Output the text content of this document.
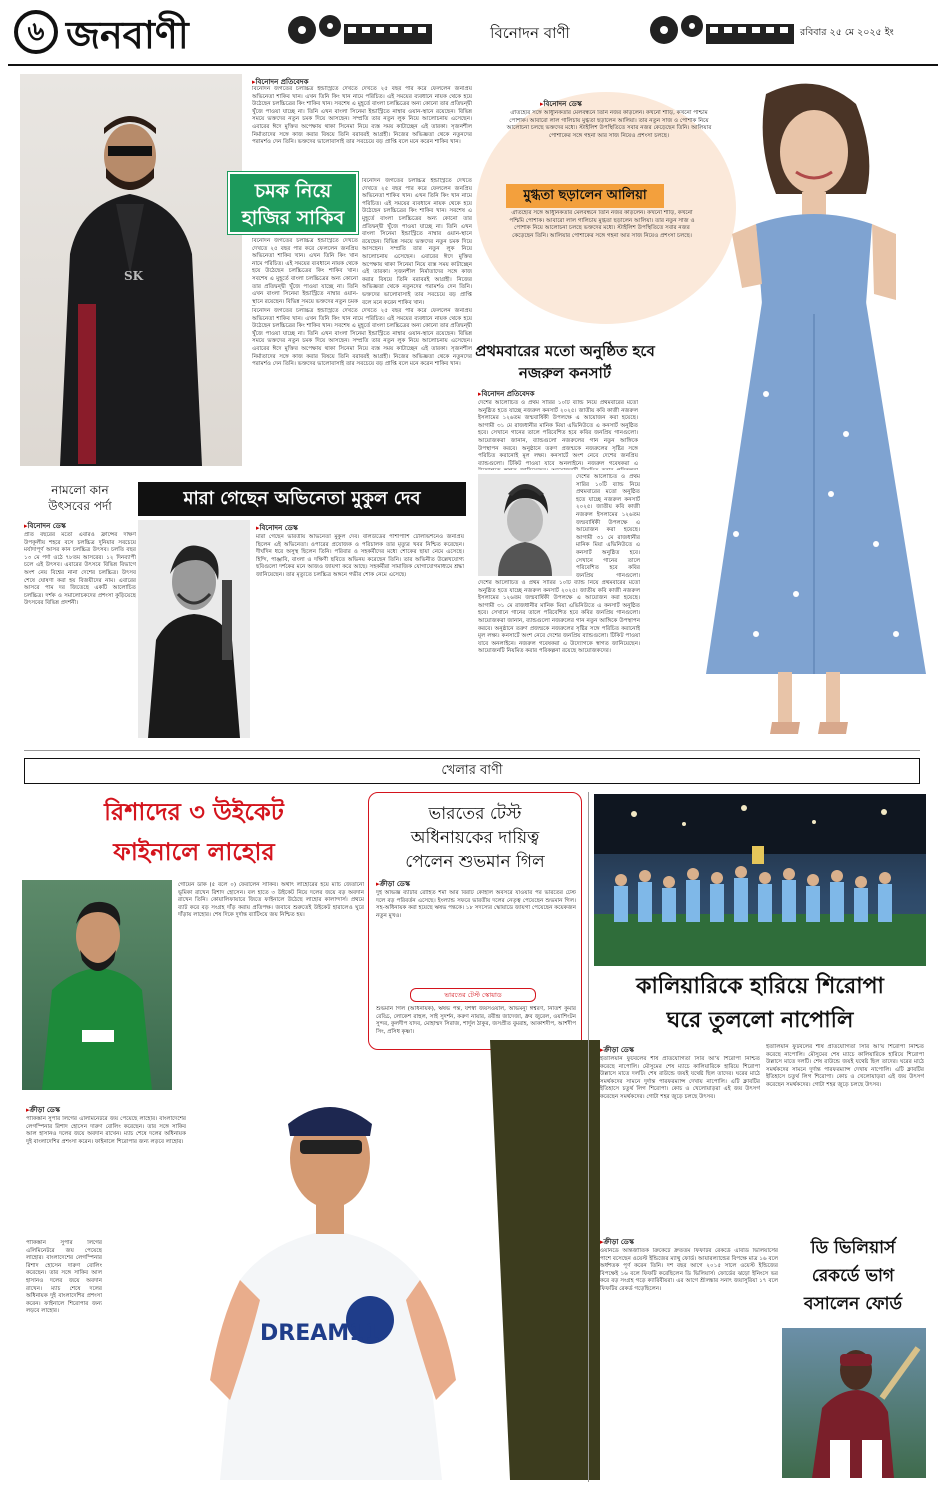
৬ জনবাণী	বিনোদন বাণী	রবিবার ২৫ মে ২০২৫ ইং
SK
▸ বিনোদন প্রতিবেদক
বিনোদন জগতের চলচ্চিত্র ইন্ডাস্ট্রিতে দেখতে দেখতে ২৫ বছর পার করে ফেললেন জনপ্রিয় অভিনেতা শাকিব খান। এখন তিনি কিং খান নামে পরিচিত। এই সময়ের ব্যবধানে নায়ক থেকে হয়ে উঠেছেন চলচ্চিত্রের কিং শাকিব খান। সবশেষ এ মুহূর্তে বাংলা চলচ্চিত্রের অন্য কোনো তার প্রতিদ্বন্দ্বী খুঁজে পাওয়া যাচ্ছে না। তিনি এখন বাংলা সিনেমা ইন্ডাস্ট্রিতে নাম্বার ওয়ান-স্থানে রয়েছেন। বিভিন্ন সময়ে ভক্তদের নতুন চমক দিয়ে আসছেন। সম্প্রতি তার নতুন লুক নিয়ে আলোচনায় এসেছেন। এবারের ঈদে মুক্তির অপেক্ষায় থাকা সিনেমা নিয়ে ব্যস্ত সময় কাটাচ্ছেন এই তারকা। সৃজনশীল নির্মাতাদের সঙ্গে কাজ করার বিষয়ে তিনি বরাবরই আগ্রহী। নিজের অভিজ্ঞতা থেকে নতুনদের পরামর্শও দেন তিনি। ভক্তদের ভালোবাসাই তার সবচেয়ে বড় প্রাপ্তি বলে মনে করেন শাকিব খান।
চমক নিয়ে
হাজির সাকিব
বিনোদন জগতের চলচ্চিত্র ইন্ডাস্ট্রিতে দেখতে দেখতে ২৫ বছর পার করে ফেললেন জনপ্রিয় অভিনেতা শাকিব খান। এখন তিনি কিং খান নামে পরিচিত। এই সময়ের ব্যবধানে নায়ক থেকে হয়ে উঠেছেন চলচ্চিত্রের কিং শাকিব খান। সবশেষ এ মুহূর্তে বাংলা চলচ্চিত্রের অন্য কোনো তার প্রতিদ্বন্দ্বী খুঁজে পাওয়া যাচ্ছে না। তিনি এখন বাংলা সিনেমা ইন্ডাস্ট্রিতে নাম্বার ওয়ান-স্থানে রয়েছেন। বিভিন্ন সময়ে ভক্তদের নতুন চমক দিয়ে আসছেন। সম্প্রতি তার নতুন লুক নিয়ে আলোচনায় এসেছেন। এবারের ঈদে মুক্তির অপেক্ষায় থাকা সিনেমা নিয়ে ব্যস্ত সময় কাটাচ্ছেন এই তারকা। সৃজনশীল নির্মাতাদের সঙ্গে কাজ করার বিষয়ে তিনি বরাবরই আগ্রহী। নিজের অভিজ্ঞতা থেকে নতুনদের পরামর্শও দেন তিনি। ভক্তদের ভালোবাসাই তার সবচেয়ে বড় প্রাপ্তি বলে মনে করেন শাকিব খান।
বিনোদন জগতের চলচ্চিত্র ইন্ডাস্ট্রিতে দেখতে দেখতে ২৫ বছর পার করে ফেললেন জনপ্রিয় অভিনেতা শাকিব খান। এখন তিনি কিং খান নামে পরিচিত। এই সময়ের ব্যবধানে নায়ক থেকে হয়ে উঠেছেন চলচ্চিত্রের কিং শাকিব খান। সবশেষ এ মুহূর্তে বাংলা চলচ্চিত্রের অন্য কোনো তার প্রতিদ্বন্দ্বী খুঁজে পাওয়া যাচ্ছে না। তিনি এখন বাংলা সিনেমা ইন্ডাস্ট্রিতে নাম্বার ওয়ান-স্থানে রয়েছেন। বিভিন্ন সময়ে ভক্তদের নতুন চমক
বিনোদন জগতের চলচ্চিত্র ইন্ডাস্ট্রিতে দেখতে দেখতে ২৫ বছর পার করে ফেললেন জনপ্রিয় অভিনেতা শাকিব খান। এখন তিনি কিং খান নামে পরিচিত। এই সময়ের ব্যবধানে নায়ক থেকে হয়ে উঠেছেন চলচ্চিত্রের কিং শাকিব খান। সবশেষ এ মুহূর্তে বাংলা চলচ্চিত্রের অন্য কোনো তার প্রতিদ্বন্দ্বী খুঁজে পাওয়া যাচ্ছে না। তিনি এখন বাংলা সিনেমা ইন্ডাস্ট্রিতে নাম্বার ওয়ান-স্থানে রয়েছেন। বিভিন্ন সময়ে ভক্তদের নতুন চমক দিয়ে আসছেন। সম্প্রতি তার নতুন লুক নিয়ে আলোচনায় এসেছেন। এবারের ঈদে মুক্তির অপেক্ষায় থাকা সিনেমা নিয়ে ব্যস্ত সময় কাটাচ্ছেন এই তারকা। সৃজনশীল নির্মাতাদের সঙ্গে কাজ করার বিষয়ে তিনি বরাবরই আগ্রহী। নিজের অভিজ্ঞতা থেকে নতুনদের পরামর্শও দেন তিনি। ভক্তদের ভালোবাসাই তার সবচেয়ে বড় প্রাপ্তি বলে মনে করেন শাকিব খান।
▸ বিনোদন ডেস্ক
ঐতিহ্যের সঙ্গে আধুনিকতার মেলবন্ধনে তিনি নজর কাড়লেন। কখনো শাড়ি, কখনো পশ্চিমি পোশাক। আবারো লাল গালিচায় মুগ্ধতা ছড়ালেন আলিয়া। তার নতুন সাজ ও পোশাক নিয়ে আলোচনা চলছে ভক্তদের মধ্যে। স্টাইলিশ উপস্থিতিতে সবার নজর কেড়েছেন তিনি। আলিয়ার পোশাকের সঙ্গে গহনা আর সাজ নিয়েও প্রশংসা চলছে।
মুগ্ধতা ছড়ালেন আলিয়া
ঐতিহ্যের সঙ্গে আধুনিকতার মেলবন্ধনে তিনি নজর কাড়লেন। কখনো শাড়ি, কখনো পশ্চিমি পোশাক। আবারো লাল গালিচায় মুগ্ধতা ছড়ালেন আলিয়া। তার নতুন সাজ ও পোশাক নিয়ে আলোচনা চলছে ভক্তদের মধ্যে। স্টাইলিশ উপস্থিতিতে সবার নজর কেড়েছেন তিনি। আলিয়ার পোশাকের সঙ্গে গহনা আর সাজ নিয়েও প্রশংসা চলছে।
প্রথমবারের মতো অনুষ্ঠিত হবে নজরুল কনসার্ট
▸ বিনোদন প্রতিবেদক
দেশের আলোচিত ও প্রথম সারির ১০টি ব্যান্ড নিয়ে প্রথমবারের মতো অনুষ্ঠিত হতে যাচ্ছে নজরুল কনসার্ট ২০২৫। জাতীয় কবি কাজী নজরুল ইসলামের ১২৬তম জন্মবার্ষিকী উপলক্ষে এ আয়োজন করা হয়েছে। আগামী ৩১ মে রাজধানীর মানিক মিয়া এভিনিউতে এ কনসার্ট অনুষ্ঠিত হবে। সেখানে গানের তালে পরিবেশিত হবে কবির জনপ্রিয় গানগুলো। আয়োজকরা জানান, ব্যান্ডগুলো নজরুলের গান নতুন আঙ্গিকে উপস্থাপন করবে। অনুষ্ঠানে তরুণ প্রজন্মকে নজরুলের সৃষ্টির সঙ্গে পরিচিত করানোই মূল লক্ষ্য। কনসার্টে অংশ নেবে দেশের জনপ্রিয় ব্যান্ডগুলো। টিকিট পাওয়া যাবে অনলাইনে। নজরুল গবেষকরা এ
দেশের আলোচিত ও প্রথম সারির ১০টি ব্যান্ড নিয়ে প্রথমবারের মতো অনুষ্ঠিত হতে যাচ্ছে নজরুল কনসার্ট ২০২৫। জাতীয় কবি কাজী নজরুল ইসলামের ১২৬তম জন্মবার্ষিকী উপলক্ষে এ আয়োজন করা হয়েছে। আগামী ৩১ মে রাজধানীর মানিক মিয়া এভিনিউতে এ কনসার্ট অনুষ্ঠিত হবে। সেখানে গানের তালে পরিবেশিত হবে কবির জনপ্রিয় গানগুলো।
দেশের আলোচিত ও প্রথম সারির ১০টি ব্যান্ড নিয়ে প্রথমবারের মতো অনুষ্ঠিত হতে যাচ্ছে নজরুল কনসার্ট ২০২৫। জাতীয় কবি কাজী নজরুল ইসলামের ১২৬তম জন্মবার্ষিকী উপলক্ষে এ আয়োজন করা হয়েছে। আগামী ৩১ মে রাজধানীর মানিক মিয়া এভিনিউতে এ কনসার্ট অনুষ্ঠিত হবে। সেখানে গানের তালে পরিবেশিত হবে কবির জনপ্রিয় গানগুলো। আয়োজকরা জানান, ব্যান্ডগুলো নজরুলের গান নতুন আঙ্গিকে উপস্থাপন করবে। অনুষ্ঠানে তরুণ প্রজন্মকে নজরুলের সৃষ্টির সঙ্গে পরিচিত করানোই মূল লক্ষ্য। কনসার্টে অংশ নেবে দেশের জনপ্রিয় ব্যান্ডগুলো। টিকিট পাওয়া যাবে অনলাইনে। নজরুল গবেষকরা এ উদ্যোগকে স্বাগত জানিয়েছেন। আয়োজনটি নিয়মিত করার পরিকল্পনা রয়েছে আয়োজকদের।
নামলো কান
উৎসবের পর্দা
▸ বিনোদন ডেস্ক
প্রতি বছরের মতো এবারও ফ্রান্সের দক্ষিণ উপকূলীয় শহরে বসে চলচ্চিত্র দুনিয়ার সবচেয়ে মর্যাদাপূর্ণ আসর কান চলচ্চিত্র উৎসব। চলতি বছর ১৩ মে পর্দা ওঠে ৭৮তম আসরের। ১২ দিনব্যাপী চলে এই উৎসব। এবারের উৎসবে বিভিন্ন বিভাগে অংশ নেয় বিশ্বের নানা দেশের চলচ্চিত্র। উৎসব শেষে ঘোষণা করা হয় বিজয়ীদের নাম। এবারের আসরে পাম দর জিতেছে একটি আলোচিত চলচ্চিত্র। দর্শক ও সমালোচকদের প্রশংসা কুড়িয়েছে উৎসবের বিভিন্ন প্রদর্শনী।
মারা গেছেন অভিনেতা মুকুল দেব
▸ বিনোদন ডেস্ক
মারা গেছেন ভারতীয় অভিনেতা মুকুল দেব। বলিউডের পাশাপাশি টেলিভিশনেও জনপ্রিয় ছিলেন এই অভিনেতা। ওপারের প্রযোজক ও পরিচালক তার মৃত্যুর খবর নিশ্চিত করেছেন। দীর্ঘদিন ধরে অসুস্থ ছিলেন তিনি। পরিবার ও সহকর্মীদের মধ্যে শোকের ছায়া নেমে এসেছে। হিন্দি, পাঞ্জাবি, বাংলা ও দক্ষিণী ছবিতে অভিনয় করেছেন তিনি। তার অভিনীত উল্লেখযোগ্য ছবিগুলো দর্শকের মনে আজও জায়গা করে আছে। সহকর্মীরা সামাজিক যোগাযোগমাধ্যমে শ্রদ্ধা জানিয়েছেন। তার মৃত্যুতে চলচ্চিত্র অঙ্গনে গভীর শোক নেমে এসেছে।
খেলার বাণী
রিশাদের ৩ উইকেট
ফাইনালে লাহোর
গোয়েন ডাক (৫ বলে ০) ফেরালেন সাকিব। অর্থাৎ লাহোরের হয়ে ম্যাচ জেতানো ভূমিকা রাখেন রিশাদ হোসেন। বল হাতে ৩ উইকেট নিয়ে দলের জয়ে বড় অবদান রাখেন তিনি। কোয়ালিফায়ারে জিতে ফাইনালে উঠেছে লাহোর কালান্দার্স। প্রথমে ব্যাট করে বড় সংগ্রহ দাঁড় করায় প্রতিপক্ষ। জবাবে শুরুতেই উইকেট হারালেও ঘুরে দাঁড়ায় লাহোর। শেষ দিকে দুর্দান্ত ব্যাটিংয়ে জয় নিশ্চিত হয়।
▸ ক্রীড়া ডেস্ক
পাকিস্তান সুপার লিগের এলিমিনেটরে জয় পেয়েছে লাহোর। বাংলাদেশের লেগস্পিনার রিশাদ হোসেন দারুণ বোলিং করেছেন। তার সঙ্গে সাকিব আল হাসানও দলের জয়ে অবদান রাখেন। ম্যাচ শেষে দলের অধিনায়ক দুই বাংলাদেশির প্রশংসা করেন। ফাইনালে শিরোপার জন্য লড়বে লাহোর।
পাকিস্তান সুপার লিগের এলিমিনেটরে জয় পেয়েছে লাহোর। বাংলাদেশের লেগস্পিনার রিশাদ হোসেন দারুণ বোলিং করেছেন। তার সঙ্গে সাকিব আল হাসানও দলের জয়ে অবদান রাখেন। ম্যাচ শেষে দলের অধিনায়ক দুই বাংলাদেশির প্রশংসা করেন। ফাইনালে শিরোপার জন্য লড়বে লাহোর।
ভারতের টেস্ট
অধিনায়কের দায়িত্ব
পেলেন শুভমান গিল
▸ ক্রীড়া ডেস্ক
দুই অভিজ্ঞ ব্যাটার রোহিত শর্মা আর বিরাট কোহলি অবসরে যাওয়ার পর ভারতের টেস্ট দলে বড় পরিবর্তন এসেছে। ইংল্যান্ড সফরে ভারতীয় দলের নেতৃত্ব পেয়েছেন শুভমান গিল। সহ-অধিনায়ক করা হয়েছে ঋষভ পন্তকে। ১৮ সদস্যের স্কোয়াডে জায়গা পেয়েছেন কয়েকজন নতুন মুখও।
ভারতের টেস্ট স্কোয়াড
শুভমান গিল (অধিনায়ক), ঋষভ পন্ত, যশস্বী জয়সওয়াল, অভিমন্যু ঈশ্বরণ, নিতিশ কুমার রেড্ডি, লোকেশ রাহুল, সাই সুদর্শন, করুণ নায়ার, রবীন্দ্র জাদেজা, ধ্রুব জুরেল, ওয়াশিংটন সুন্দর, কুলদীপ যাদব, মোহাম্মদ সিরাজ, শার্দুল ঠাকুর, জসপ্রীত বুমরাহ, আকাশদীপ, আর্শদীপ সিং, প্রসিধ কৃষ্ণা।
DREAM11
কালিয়ারিকে হারিয়ে শিরোপা
ঘরে তুললো নাপোলি
▸ ক্রীড়া ডেস্ক
ইতালিয়ান ফুটবলের শীর্ষ প্রতিযোগিতা সিরি আ'য় শিরোপা নিশ্চিত করেছে নাপোলি। মৌসুমের শেষ ম্যাচে কালিয়ারিকে হারিয়ে শিরোপা উল্লাসে মাতে দলটি। শেষ রাউন্ডে জয়ই যথেষ্ট ছিল তাদের। ঘরের মাঠে সমর্থকদের সামনে দুর্দান্ত পারফরম্যান্স দেখায় নাপোলি। এটি ক্লাবটির ইতিহাসে চতুর্থ লিগ শিরোপা। কোচ ও খেলোয়াড়রা এই জয় উৎসর্গ করেছেন সমর্থকদের। গোটা শহর জুড়ে চলছে উৎসব।
ইতালিয়ান ফুটবলের শীর্ষ প্রতিযোগিতা সিরি আ'য় শিরোপা নিশ্চিত করেছে নাপোলি। মৌসুমের শেষ ম্যাচে কালিয়ারিকে হারিয়ে শিরোপা উল্লাসে মাতে দলটি। শেষ রাউন্ডে জয়ই যথেষ্ট ছিল তাদের। ঘরের মাঠে সমর্থকদের সামনে দুর্দান্ত পারফরম্যান্স দেখায় নাপোলি। এটি ক্লাবটির ইতিহাসে চতুর্থ লিগ শিরোপা। কোচ ও খেলোয়াড়রা এই জয় উৎসর্গ করেছেন সমর্থকদের। গোটা শহর জুড়ে চলছে উৎসব।
▸ ক্রীড়া ডেস্ক
ওয়ানডে আন্তর্জাতিক ক্রিকেটে দ্রুততম ফিফটির রেকর্ডে এবিডি ভিলিয়ার্সের পাশে বসেছেন ওয়েস্ট ইন্ডিজের ম্যাথু ফোর্ড। আয়ারল্যান্ডের বিপক্ষে মাত্র ১৬ বলে অর্ধশতক পূর্ণ করেন তিনি। দশ বছর আগে ২০১৫ সালে ওয়েস্ট ইন্ডিজের বিপক্ষেই ১৬ বলে ফিফটি করেছিলেন ডি ভিলিয়ার্স। ফোর্ডের ঝড়ো ইনিংসে ভর করে বড় সংগ্রহ গড়ে ক্যারিবীয়রা। এর আগে শ্রীলঙ্কার সনাৎ জয়াসুরিয়া ১৭ বলে ফিফটির রেকর্ড গড়েছিলেন।
ডি ভিলিয়ার্স
রেকর্ডে ভাগ
বসালেন ফোর্ড
